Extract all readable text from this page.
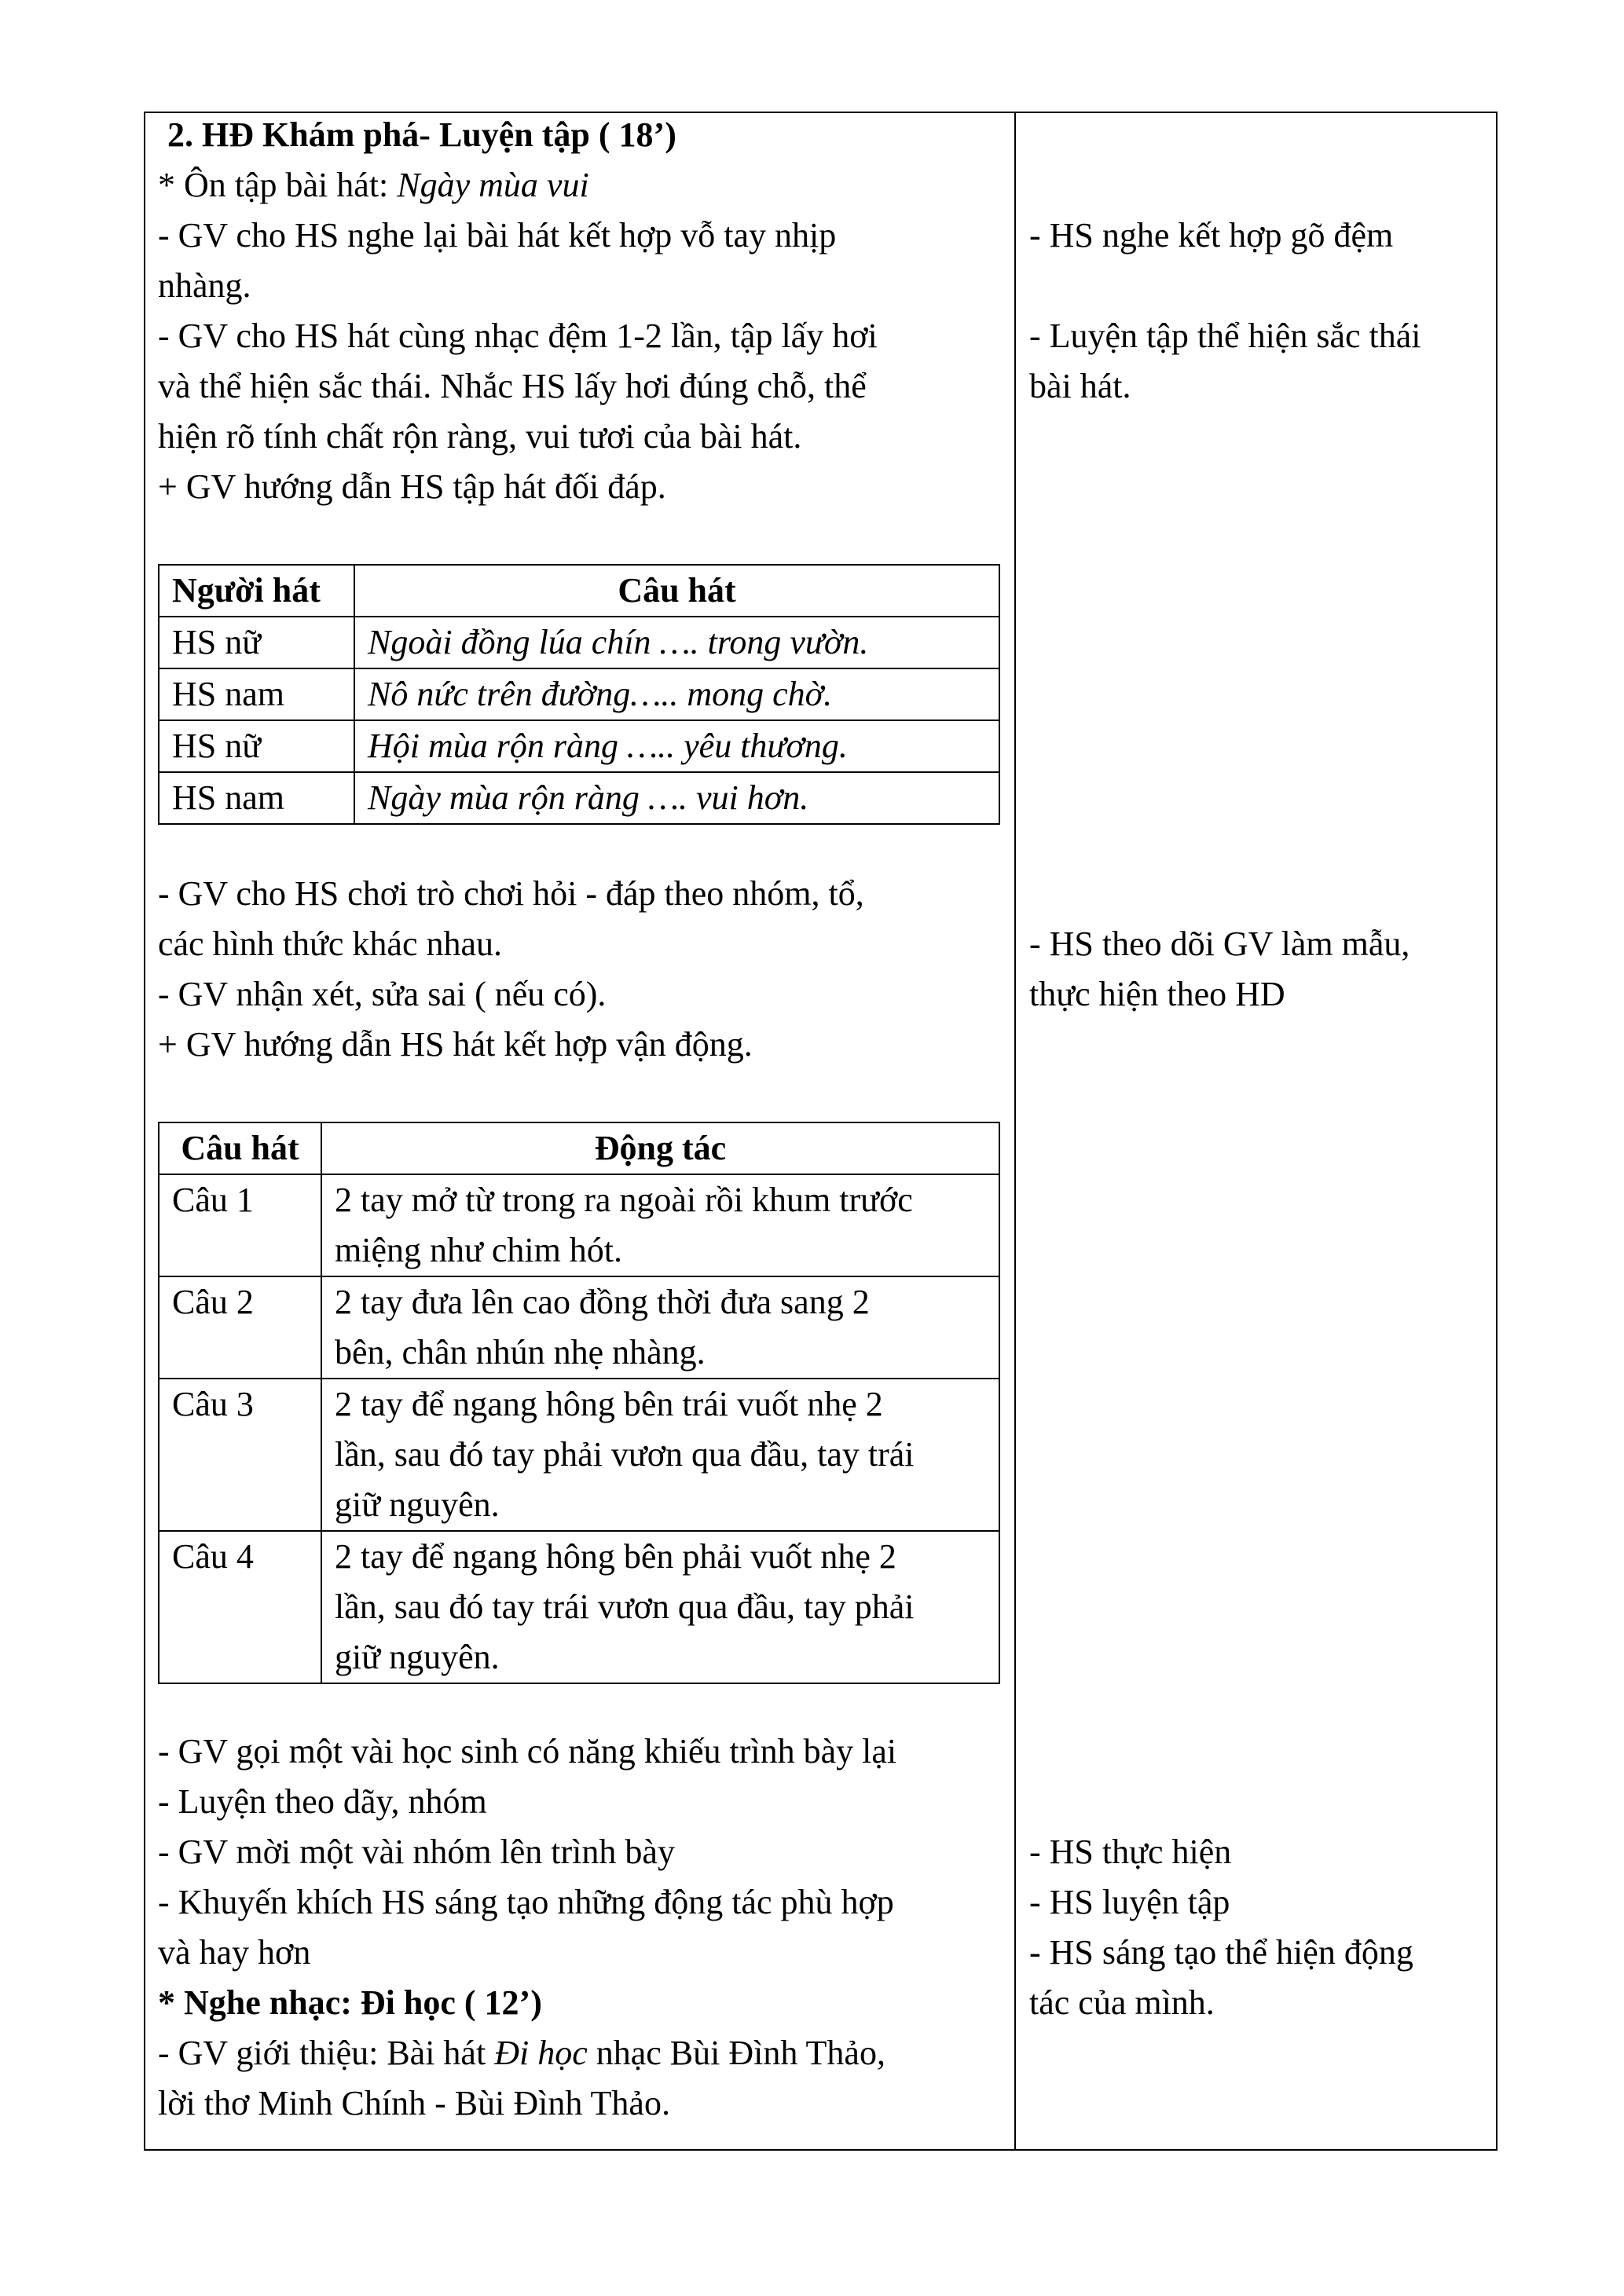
2. HĐ Khám phá- Luyện tập ( 18’)
* Ôn tập bài hát: Ngày mùa vui
- GV cho HS nghe lại bài hát kết hợp vỗ tay nhịp
nhàng.
- GV cho HS hát cùng nhạc đệm 1-2 lần, tập lấy hơi
và thể hiện sắc thái. Nhắc HS lấy hơi đúng chỗ, thể
hiện rõ tính chất rộn ràng, vui tươi của bài hát.
+ GV hướng dẫn HS tập hát đối đáp.
Người hát	Câu hát
HS nữ	Ngoài đồng lúa chín …. trong vườn.
HS nam	Nô nức trên đường….. mong chờ.
HS nữ	Hội mùa rộn ràng ….. yêu thương.
HS nam	Ngày mùa rộn ràng …. vui hơn.
- GV cho HS chơi trò chơi hỏi - đáp theo nhóm, tổ,
các hình thức khác nhau.
- GV nhận xét, sửa sai ( nếu có).
+ GV hướng dẫn HS hát kết hợp vận động.
Câu hát	Động tác
Câu 1	2 tay mở từ trong ra ngoài rồi khum trước
miệng như chim hót.

Câu 2	2 tay đưa lên cao đồng thời đưa sang 2
bên, chân nhún nhẹ nhàng.

Câu 3	2 tay để ngang hông bên trái vuốt nhẹ 2
lần, sau đó tay phải vươn qua đầu, tay trái
giữ nguyên.

Câu 4	2 tay để ngang hông bên phải vuốt nhẹ 2
lần, sau đó tay trái vươn qua đầu, tay phải
giữ nguyên.
- GV gọi một vài học sinh có năng khiếu trình bày lại
- Luyện theo dãy, nhóm
- GV mời một vài nhóm lên trình bày
- Khuyến khích HS sáng tạo những động tác phù hợp
và hay hơn
* Nghe nhạc: Đi học ( 12’)
- GV giới thiệu: Bài hát Đi học nhạc Bùi Đình Thảo,
lời thơ Minh Chính - Bùi Đình Thảo.
- HS nghe kết hợp gõ đệm
- Luyện tập thể hiện sắc thái
bài hát.
- HS theo dõi GV làm mẫu,
thực hiện theo HD
- HS thực hiện
- HS luyện tập
- HS sáng tạo thể hiện động
tác của mình.
